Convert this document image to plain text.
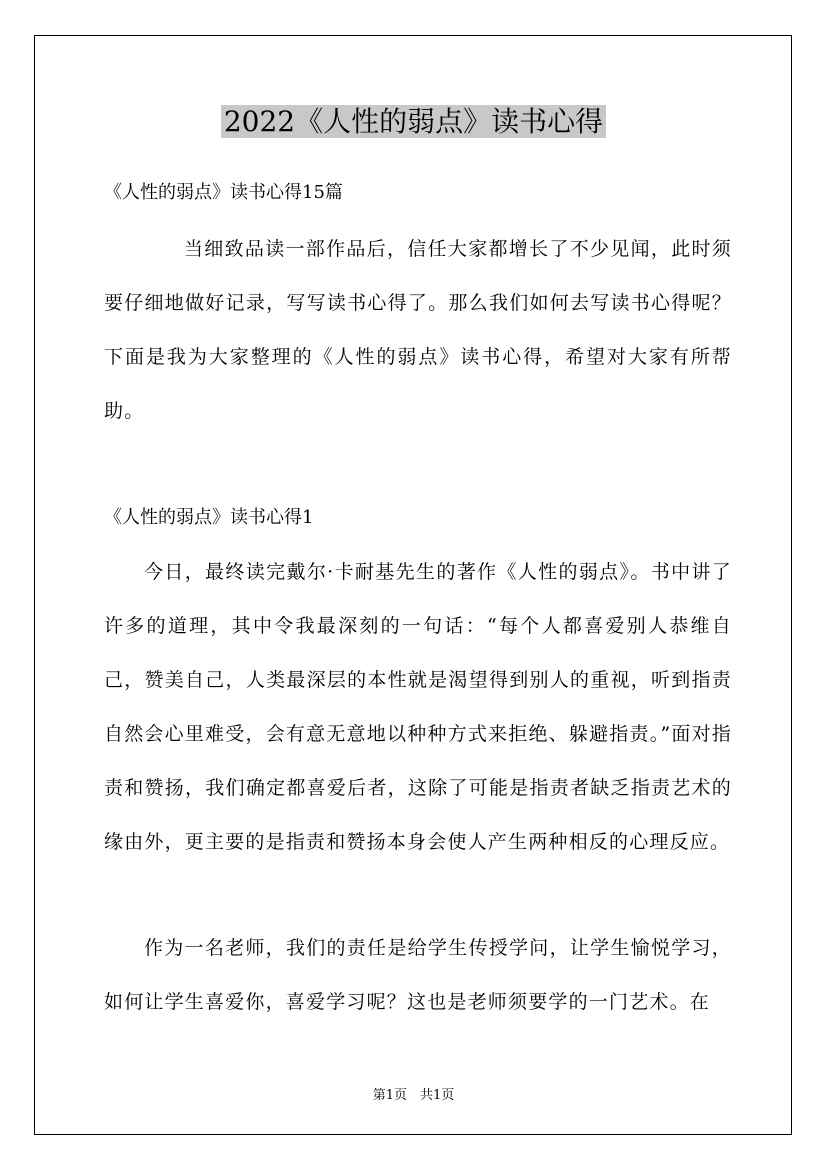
2022《人性的弱点》读书心得
《人性的弱点》读书心得15篇

当细致品读一部作品后，信任大家都增长了不少见闻，此时须要仔细地做好记录，写写读书心得了。那么我们如何去写读书心得呢？下面是我为大家整理的《人性的弱点》读书心得，希望对大家有所帮助。

《人性的弱点》读书心得1

今日，最终读完戴尔·卡耐基先生的著作《人性的弱点》。书中讲了许多的道理，其中令我最深刻的一句话：“每个人都喜爱别人恭维自己，赞美自己，人类最深层的本性就是渴望得到别人的重视，听到指责自然会心里难受，会有意无意地以种种方式来拒绝、躲避指责。”面对指责和赞扬，我们确定都喜爱后者，这除了可能是指责者缺乏指责艺术的缘由外，更主要的是指责和赞扬本身会使人产生两种相反的心理反应。

作为一名老师，我们的责任是给学生传授学问，让学生愉悦学习，如何让学生喜爱你，喜爱学习呢？这也是老师须要学的一门艺术。在

第1页　共1页
